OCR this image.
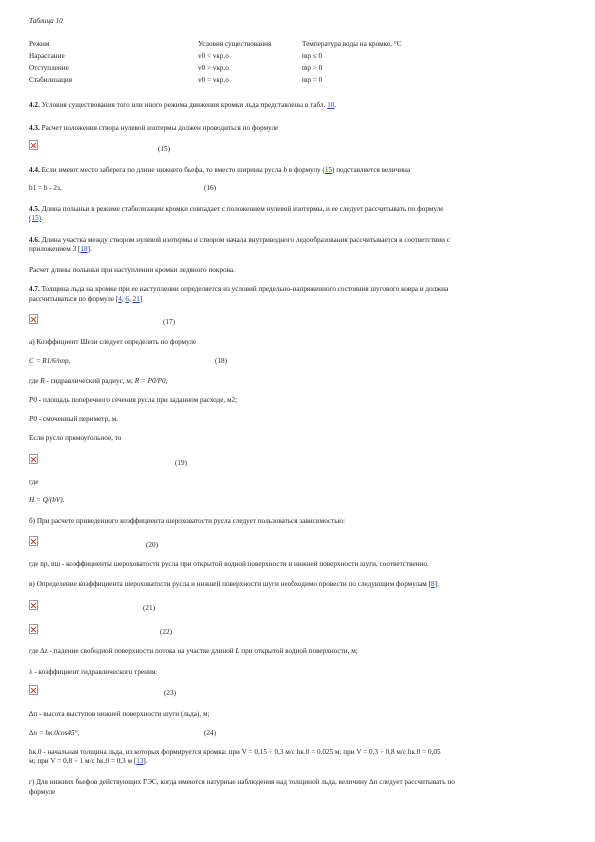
Таблица 10
Режим	Условия существования	Температура воды на кромке, °С
Нарастание	v0 < vкр.о	tвр ≤ 0
Отступление	v0 > vкр.о	tвр > 0
Стабилизация	v0 = vкр.о	tвр = 0
4.2. Условия существования того или иного режима движения кромки льда представлены в табл. 10.
4.3. Расчет положения створа нулевой изотермы должен проводиться по формуле
(15)
4.4. Если имеют место заберега по длине нижнего бьефа, то вместо ширины русла b в формулу (15) подставляется величина
b1 = b - 2з,	(16)
4.5. Длина полыньи в режиме стабилизации кромки совпадает с положением нулевой изотермы, и ее следует рассчитывать по формуле
(15).
4.6. Длина участка между створом нулевой изотермы и створом начала внутриводного ледообразования рассчитывается в соответствии с
приложением 3 [18].
Расчет длины полыньи при наступлении кромки ледяного покрова.
4.7. Толщина льда на кромке при ее наступлении определяется из условий предельно-напряженного состояния шугового ковра и должна
рассчитываться по формуле [4, 6, 21]
(17)
а) Коэффициент Шези следует определять по формуле
C = R1/6/nпр,	(18)
где R - гидравлический радиус, м; R = P0/P0;
P0 - площадь поперечного сечения русла при заданном расходе, м2;
P0 - смоченный периметр, м.
Если русло прямоугольное, то
(19)
где
H = Q/(bV).
б) При расчете приведенного коэффициента шероховатости русла следует пользоваться зависимостью:
(20)
где nр, nш - коэффициенты шероховатости русла при открытой водной поверхности и нижней поверхности шуги, соответственно.
в) Определение коэффициента шероховатости русла и нижней поверхности шуги необходимо провести по следующим формулам [8]:
(21)
(22)
где ∆z - падение свободной поверхности потока на участке длиной L при открытой водной поверхности, м;
λ - коэффициент гидравлического трения:
(23)
∆п - высота выступов нижней поверхности шуги (льда), м;
∆п = hк.0cos45°,	(24)
hк.0 - начальная толщина льда, из которых формируется кромка: при V = 0,15 ÷ 0,3 м/с hк.0 = 0,025 м; при V = 0,3 ÷ 0,8 м/с hк.0 = 0,05
м; при V = 0,8 ÷ 1 м/с hк.0 = 0,3 м [13].
г) Для нижних бьефов действующих ГЭС, когда имеются натурные наблюдения над толщиной льда, величину ∆п следует рассчитывать по
формуле
